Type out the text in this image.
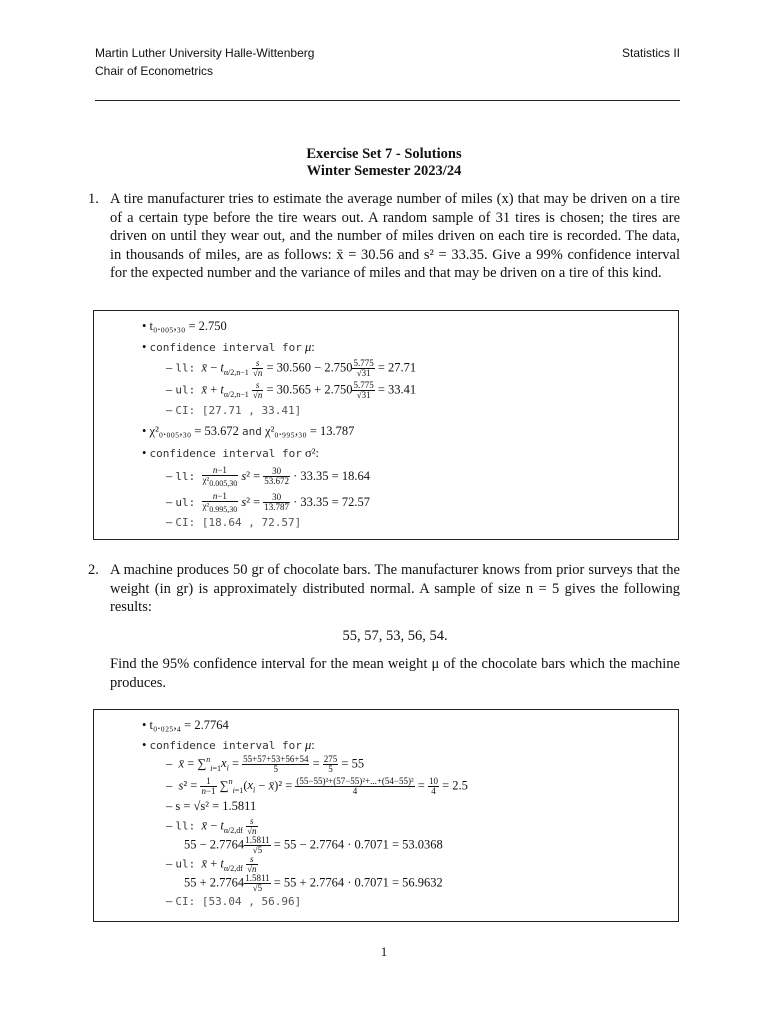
Martin Luther University Halle-Wittenberg
Chair of Econometrics
Statistics II
Exercise Set 7 - Solutions
Winter Semester 2023/24
1. A tire manufacturer tries to estimate the average number of miles (x) that may be driven on a tire of a certain type before the tire wears out. A random sample of 31 tires is chosen; the tires are driven on until they wear out, and the number of miles driven on each tire is recorded. The data, in thousands of miles, are as follows: x̄ = 30.56 and s² = 33.35. Give a 99% confidence interval for the expected number and the variance of miles and that may be driven on a tire of this kind.
• t₀.₀₀₅,₃₀ = 2.750
• confidence interval for μ:
– ll: x̄ − $t_{\alpha/2,n-1} \frac{s}{√n} = 30.560 - 2.750 \frac{5.775}{√31} = 27.71$
– ul: x̄ + $t_{\alpha/2,n-1} \frac{s}{√n} = 30.565 + 2.750 \frac{5.775}{√31} = 33.41$
– CI: [27.71 , 33.41]
• χ²₀.₀₀₅,₃₀ = 53.672 and χ²₀.₉₉₅,₃₀ = 13.787
• confidence interval for σ²:
– ll: $\frac{n-1}{\chi^2_{0.005,30}} s^2 = \frac{30}{53.672} \cdot 33.35 = 18.64$
– ul: $\frac{n-1}{\chi^2_{0.995,30}} s^2 = \frac{30}{13.787} \cdot 33.35 = 72.57$
– CI: [18.64 , 72.57]
2. A machine produces 50 gr of chocolate bars. The manufacturer knows from prior surveys that the weight (in gr) is approximately distributed normal. A sample of size n = 5 gives the following results:
55, 57, 53, 56, 54.
Find the 95% confidence interval for the mean weight μ of the chocolate bars which the machine produces.
• t₀.₀₂₅,₄ = 2.7764
• confidence interval for μ:
– x̄ = $\sum^n_{i=1}x_i = \frac{55+57+53+56+54}{5} = \frac{275}{5} = 55$
– $s^2 = \frac{1}{n-1} \sum^n_{i=1}(x_i$ − x̄)² = $\frac{\text{(55−55)²+(57−55)²+...+(54−55)²}}{4} = \frac{10}{4} = 2.5$
– s = √s² = 1.5811
– ll: x̄ − $t_{\alpha/2,df} \frac{s}{√n}$
$55 - 2.7764 \frac{1.5811}{√5} = 55 - 2.7764 \cdot 0.7071 = 53.0368$
– ul: x̄ + $t_{\alpha/2,df} \frac{s}{√n}$
$55 + 2.7764 \frac{1.5811}{√5} = 55 + 2.7764 \cdot 0.7071 = 56.9632$
– CI: [53.04 , 56.96]
1
